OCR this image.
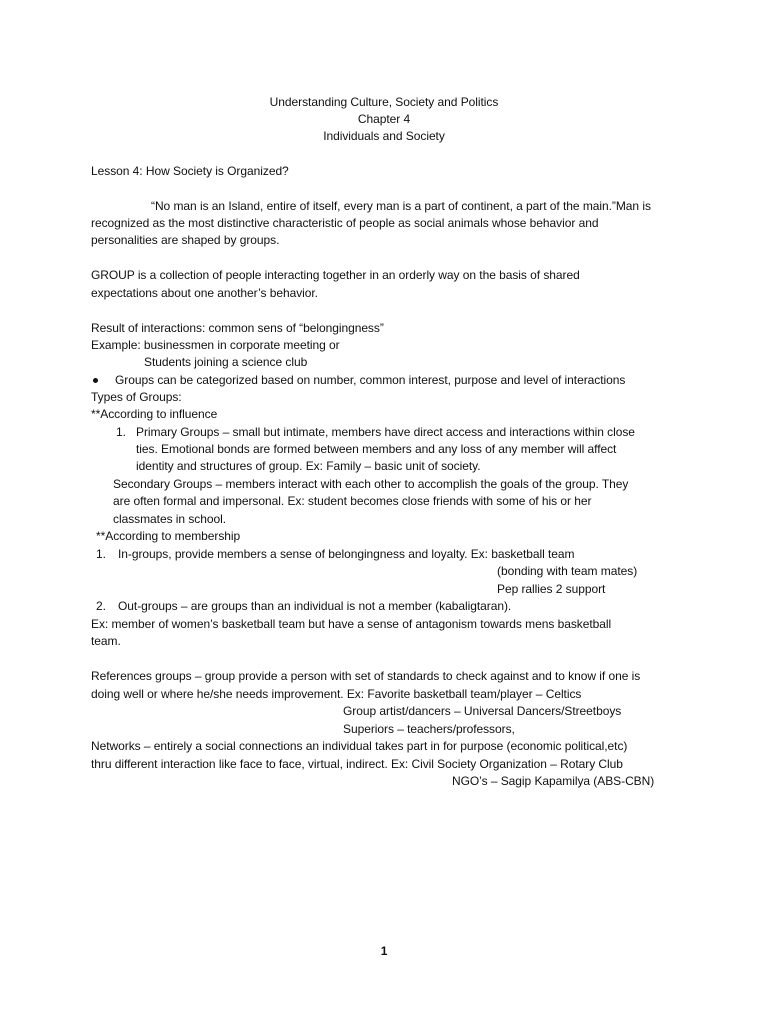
Understanding Culture, Society and Politics
Chapter 4
Individuals and Society
Lesson 4: How Society is Organized?
“No man is an Island, entire of itself, every man is a part of continent, a part of the main.”Man is
recognized as the most distinctive characteristic of people as social animals whose behavior and
personalities are shaped by groups.
GROUP is a collection of people interacting together in an orderly way on the basis of shared
expectations about one another’s behavior.
Result of interactions: common sens of “belongingness”
Example: businessmen in corporate meeting or
Students joining a science club
Groups can be categorized based on number, common interest, purpose and level of interactions
Types of Groups:
**According to influence
1. Primary Groups – small but intimate, members have direct access and interactions within close
ties. Emotional bonds are formed between members and any loss of any member will affect
identity and structures of group. Ex: Family – basic unit of society.
Secondary Groups – members interact with each other to accomplish the goals of the group. They
are often formal and impersonal. Ex: student becomes close friends with some of his or her
classmates in school.
**According to membership
1. In-groups, provide members a sense of belongingness and loyalty. Ex: basketball team
(bonding with team mates)
Pep rallies 2 support
2. Out-groups – are groups than an individual is not a member (kabaligtaran).
Ex: member of women’s basketball team but have a sense of antagonism towards mens basketball
team.
References groups – group provide a person with set of standards to check against and to know if one is
doing well or where he/she needs improvement. Ex: Favorite basketball team/player – Celtics
Group artist/dancers – Universal Dancers/Streetboys
Superiors – teachers/professors,
Networks – entirely a social connections an individual takes part in for purpose (economic political,etc)
thru different interaction like face to face, virtual, indirect. Ex: Civil Society Organization – Rotary Club
NGO’s – Sagip Kapamilya (ABS-CBN)
1
